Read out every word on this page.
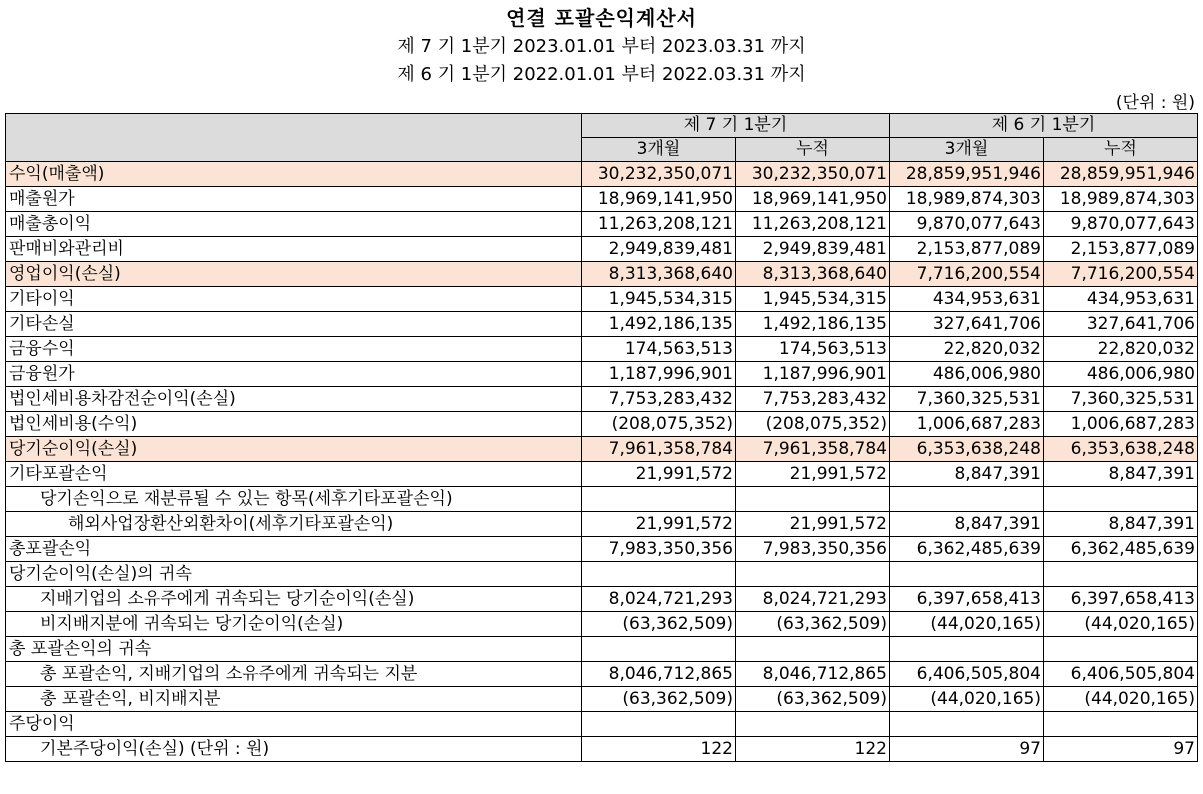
연결 포괄손익계산서
제 7 기 1분기 2023.01.01 부터 2023.03.31 까지
제 6 기 1분기 2022.01.01 부터 2022.03.31 까지
(단위 : 원)
	제 7 기 1분기		제 6 기 1분기	
	3개월	누적	3개월	누적
수익(매출액)	30,232,350,071	30,232,350,071	28,859,951,946	28,859,951,946
매출원가	18,969,141,950	18,969,141,950	18,989,874,303	18,989,874,303
매출총이익	11,263,208,121	11,263,208,121	9,870,077,643	9,870,077,643
판매비와관리비	2,949,839,481	2,949,839,481	2,153,877,089	2,153,877,089
영업이익(손실)	8,313,368,640	8,313,368,640	7,716,200,554	7,716,200,554
기타이익	1,945,534,315	1,945,534,315	434,953,631	434,953,631
기타손실	1,492,186,135	1,492,186,135	327,641,706	327,641,706
금융수익	174,563,513	174,563,513	22,820,032	22,820,032
금융원가	1,187,996,901	1,187,996,901	486,006,980	486,006,980
법인세비용차감전순이익(손실)	7,753,283,432	7,753,283,432	7,360,325,531	7,360,325,531
법인세비용(수익)	(208,075,352)	(208,075,352)	1,006,687,283	1,006,687,283
당기순이익(손실)	7,961,358,784	7,961,358,784	6,353,638,248	6,353,638,248
기타포괄손익	21,991,572	21,991,572	8,847,391	8,847,391
당기손익으로 재분류될 수 있는 항목(세후기타포괄손익)				
해외사업장환산외환차이(세후기타포괄손익)	21,991,572	21,991,572	8,847,391	8,847,391
총포괄손익	7,983,350,356	7,983,350,356	6,362,485,639	6,362,485,639
당기순이익(손실)의 귀속				
지배기업의 소유주에게 귀속되는 당기순이익(손실)	8,024,721,293	8,024,721,293	6,397,658,413	6,397,658,413
비지배지분에 귀속되는 당기순이익(손실)	(63,362,509)	(63,362,509)	(44,020,165)	(44,020,165)
총 포괄손익의 귀속				
총 포괄손익, 지배기업의 소유주에게 귀속되는 지분	8,046,712,865	8,046,712,865	6,406,505,804	6,406,505,804
총 포괄손익, 비지배지분	(63,362,509)	(63,362,509)	(44,020,165)	(44,020,165)
주당이익				
기본주당이익(손실) (단위 : 원)	122	122	97	97
